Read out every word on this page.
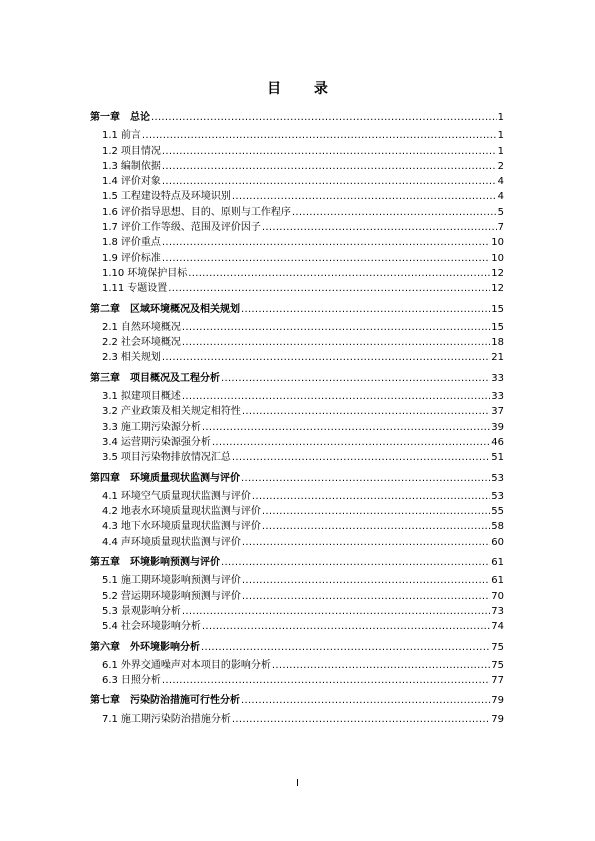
目 录
第一章 总论 .....	1
1.1 前言 .....	1
1.2 项目情况 .....	1
1.3 编制依据 .....	2
1.4 评价对象 .....	4
1.5 工程建设特点及环境识别 .....	4
1.6 评价指导思想、目的、原则与工作程序 .....	5
1.7 评价工作等级、范围及评价因子 .....	7
1.8 评价重点 .....	10
1.9 评价标准 .....	10
1.10 环境保护目标 .....	12
1.11 专题设置 .....	12
第二章 区域环境概况及相关规划 .....	15
2.1 自然环境概况 .....	15
2.2 社会环境概况 .....	18
2.3 相关规划 .....	21
第三章 项目概况及工程分析 .....	33
3.1 拟建项目概述 .....	33
3.2 产业政策及相关规定相符性 .....	37
3.3 施工期污染源分析 .....	39
3.4 运营期污染源强分析 .....	46
3.5 项目污染物排放情况汇总 .....	51
第四章 环境质量现状监测与评价 .....	53
4.1 环境空气质量现状监测与评价 .....	53
4.2 地表水环境质量现状监测与评价 .....	55
4.3 地下水环境质量现状监测与评价 .....	58
4.4 声环境质量现状监测与评价 .....	60
第五章 环境影响预测与评价 .....	61
5.1 施工期环境影响预测与评价 .....	61
5.2 营运期环境影响预测与评价 .....	70
5.3 景观影响分析 .....	73
5.4 社会环境影响分析 .....	74
第六章 外环境影响分析 .....	75
6.1 外界交通噪声对本项目的影响分析 .....	75
6.3 日照分析 .....	77
第七章 污染防治措施可行性分析 .....	79
7.1 施工期污染防治措施分析 .....	79
I
